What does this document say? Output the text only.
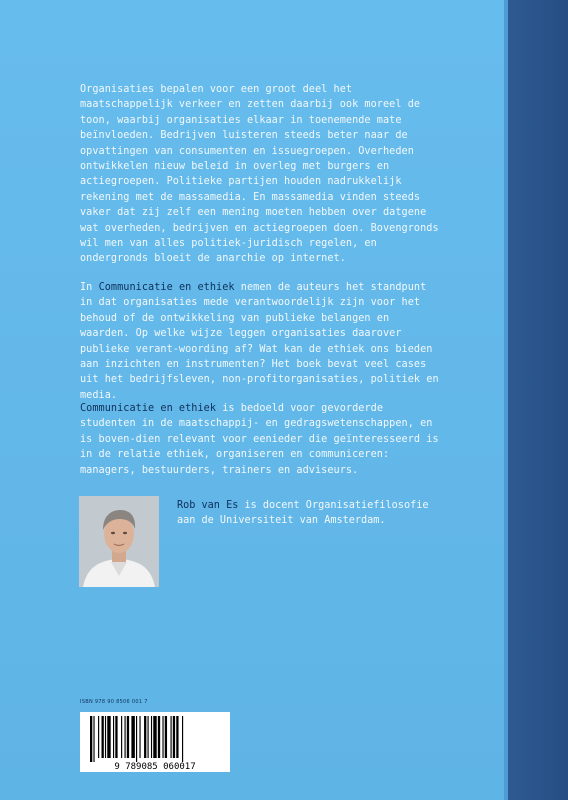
Organisaties bepalen voor een groot deel het maatschappelijk verkeer en zetten daarbij ook moreel de toon, waarbij organisaties elkaar in toenemende mate beïnvloeden. Bedrijven luisteren steeds beter naar de opvattingen van consumenten en issuegroepen. Overheden ontwikkelen nieuw beleid in overleg met burgers en actiegroepen. Politieke partijen houden nadrukkelijk rekening met de massamedia. En massamedia vinden steeds vaker dat zij zelf een mening moeten hebben over datgene wat overheden, bedrijven en actiegroepen doen. Bovengronds wil men van alles politiek-juridisch regelen, en ondergronds bloeit de anarchie op internet.

In Communicatie en ethiek nemen de auteurs het standpunt in dat organisaties mede verantwoordelijk zijn voor het behoud of de ontwikkeling van publieke belangen en waarden. Op welke wijze leggen organisaties daarover publieke verant-woording af? Wat kan de ethiek ons bieden aan inzichten en instrumenten? Het boek bevat veel cases uit het bedrijfsleven, non-profitorganisaties, politiek en media.

Communicatie en ethiek is bedoeld voor gevorderde studenten in de maatschappij- en gedragswetenschappen, en is boven-dien relevant voor eenieder die geïnteresseerd is in de relatie ethiek, organiseren en communiceren: managers, bestuurders, trainers en adviseurs.

Rob van Es is docent Organisatiefilosofie aan de Universiteit van Amsterdam.
ISBN 978 90 8506 001 7
9 789085 060017
